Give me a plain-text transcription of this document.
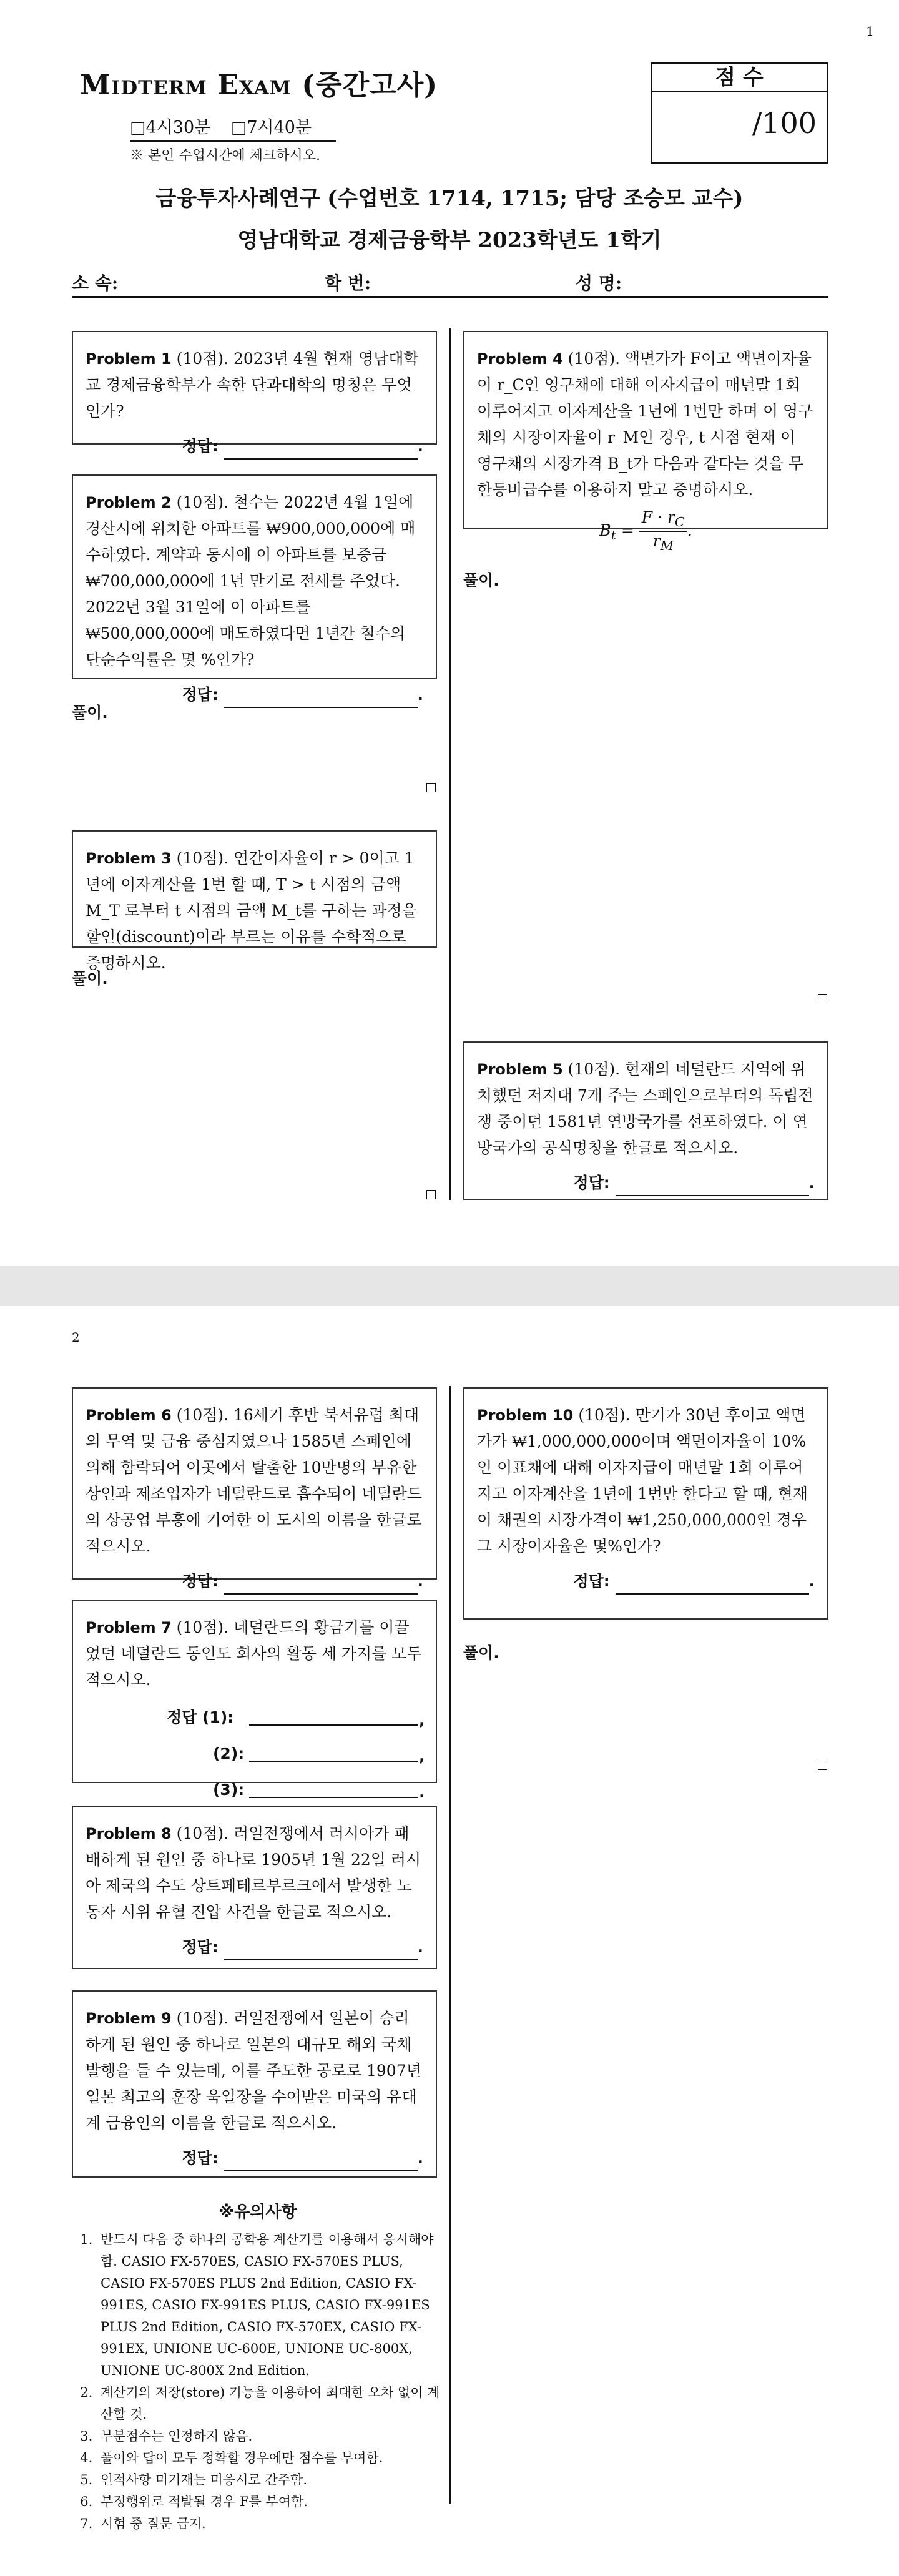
1
Midterm Exam (중간고사)	점 수
/100
□4시30분 □7시40분
※ 본인 수업시간에 체크하시오.
금융투자사례연구 (수업번호 1714, 1715; 담당 조승모 교수)
영남대학교 경제금융학부 2023학년도 1학기
소 속:	학 번:	성 명:
Problem 1 (10점). 2023년 4월 현재 영남대학교 경제금융학부가 속한 단과대학의 명칭은 무엇인가?
정답:	.
Problem 2 (10점). 철수는 2022년 4월 1일에 경산시에 위치한 아파트를 ₩900,000,000에 매수하였다. 계약과 동시에 이 아파트를 보증금 ₩700,000,000에 1년 만기로 전세를 주었다. 2022년 3월 31일에 이 아파트를 ₩500,000,000에 매도하였다면 1년간 철수의 단순수익률은 몇 %인가?
정답:	.
풀이.
Problem 3 (10점). 연간이자율이 r > 0이고 1년에 이자계산을 1번 할 때, T > t 시점의 금액 M_T 로부터 t 시점의 금액 M_t를 구하는 과정을 할인(discount)이라 부르는 이유를 수학적으로 증명하시오.
풀이.
Problem 4 (10점). 액면가가 F이고 액면이자율이 r_C인 영구채에 대해 이자지급이 매년말 1회 이루어지고 이자계산을 1년에 1번만 하며 이 영구채의 시장이자율이 r_M인 경우, t 시점 현재 이 영구채의 시장가격 B_t가 다음과 같다는 것을 무한등비급수를 이용하지 말고 증명하시오.
$B_t = \frac{F \cdot r_C}{r_M}$ .
풀이.
Problem 5 (10점). 현재의 네덜란드 지역에 위치했던 저지대 7개 주는 스페인으로부터의 독립전쟁 중이던 1581년 연방국가를 선포하였다. 이 연방국가의 공식명칭을 한글로 적으시오.
정답:	.
2
Problem 6 (10점). 16세기 후반 북서유럽 최대의 무역 및 금융 중심지였으나 1585년 스페인에 의해 함락되어 이곳에서 탈출한 10만명의 부유한 상인과 제조업자가 네덜란드로 흡수되어 네덜란드의 상공업 부흥에 기여한 이 도시의 이름을 한글로 적으시오.
정답:	.
Problem 7 (10점). 네덜란드의 황금기를 이끌었던 네덜란드 동인도 회사의 활동 세 가지를 모두 적으시오.
정답 (1):	,
(2):	,
(3):	.
Problem 8 (10점). 러일전쟁에서 러시아가 패배하게 된 원인 중 하나로 1905년 1월 22일 러시아 제국의 수도 상트페테르부르크에서 발생한 노동자 시위 유혈 진압 사건을 한글로 적으시오.
정답:	.
Problem 9 (10점). 러일전쟁에서 일본이 승리하게 된 원인 중 하나로 일본의 대규모 해외 국채 발행을 들 수 있는데, 이를 주도한 공로로 1907년 일본 최고의 훈장 욱일장을 수여받은 미국의 유대계 금융인의 이름을 한글로 적으시오.
정답:	.
※유의사항
1. 반드시 다음 중 하나의 공학용 계산기를 이용해서 응시해야 함. CASIO FX-570ES, CASIO FX-570ES PLUS, CASIO FX-570ES PLUS 2nd Edition, CASIO FX-991ES, CASIO FX-991ES PLUS, CASIO FX-991ES PLUS 2nd Edition, CASIO FX-570EX, CASIO FX-991EX, UNIONE UC-600E, UNIONE UC-800X, UNIONE UC-800X 2nd Edition.
2. 계산기의 저장(store) 기능을 이용하여 최대한 오차 없이 계산할 것.
3. 부분점수는 인정하지 않음.
4. 풀이와 답이 모두 정확할 경우에만 점수를 부여함.
5. 인적사항 미기재는 미응시로 간주함.
6. 부정행위로 적발될 경우 F를 부여함.
7. 시험 중 질문 금지.
Problem 10 (10점). 만기가 30년 후이고 액면가가 ₩1,000,000,000이며 액면이자율이 10%인 이표채에 대해 이자지급이 매년말 1회 이루어지고 이자계산을 1년에 1번만 한다고 할 때, 현재 이 채권의 시장가격이 ₩1,250,000,000인 경우 그 시장이자율은 몇%인가?
정답:	.
풀이.
